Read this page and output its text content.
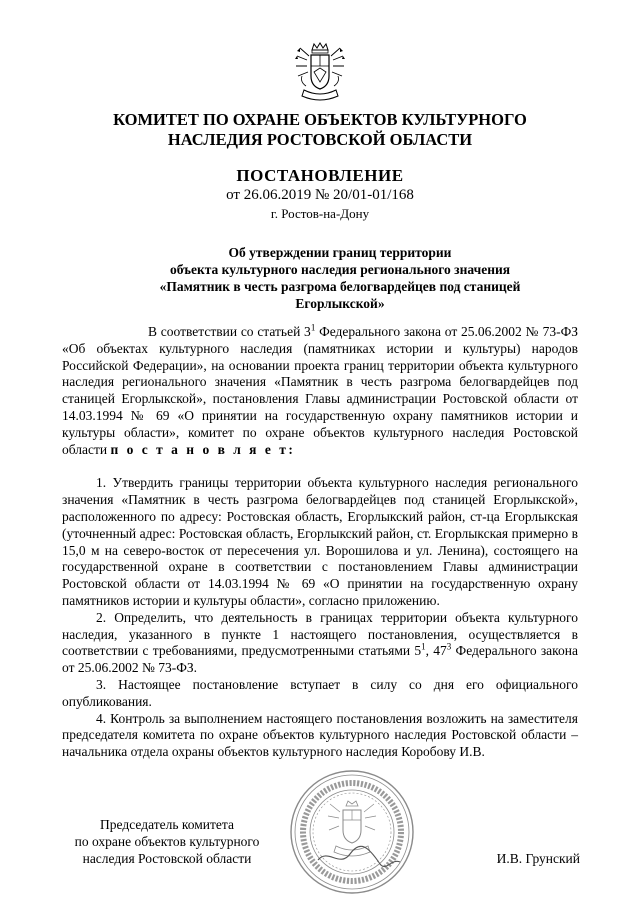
КОМИТЕТ ПО ОХРАНЕ ОБЪЕКТОВ КУЛЬТУРНОГО
НАСЛЕДИЯ РОСТОВСКОЙ ОБЛАСТИ
ПОСТАНОВЛЕНИЕ
от 26.06.2019 № 20/01-01/168
г. Ростов-на-Дону
Об утверждении границ территории
объекта культурного наследия регионального значения
«Памятник в честь разгрома белогвардейцев под станицей
Егорлыкской»

В соответствии со статьей $3^1$ Федерального закона от 25.06.2002 № 73-ФЗ «Об объектах культурного наследия (памятниках истории и культуры) народов Российской Федерации», на основании проекта границ территории объекта культурного наследия регионального значения «Памятник в честь разгрома белогвардейцев под станицей Егорлыкской», постановления Главы администрации Ростовской области от 14.03.1994 № 69 «О принятии на государственную охрану памятников истории и культуры области», комитет по охране объектов культурного наследия Ростовской области п о с т а н о в л я е т:

1. Утвердить границы территории объекта культурного наследия регионального значения «Памятник в честь разгрома белогвардейцев под станицей Егорлыкской», расположенного по адресу: Ростовская область, Егорлыкский район, ст-ца Егорлыкская (уточненный адрес: Ростовская область, Егорлыкский район, ст. Егорлыкская примерно в 15,0 м на северо-восток от пересечения ул. Ворошилова и ул. Ленина), состоящего на государственной охране в соответствии с постановлением Главы администрации Ростовской области от 14.03.1994 № 69 «О принятии на государственную охрану памятников истории и культуры области», согласно приложению.

2. Определить, что деятельность в границах территории объекта культурного наследия, указанного в пункте 1 настоящего постановления, осуществляется в соответствии с требованиями, предусмотренными статьями $5^1$, $47^3$ Федерального закона от 25.06.2002 № 73-ФЗ.

3. Настоящее постановление вступает в силу со дня его официального опубликования.

4. Контроль за выполнением настоящего постановления возложить на заместителя председателя комитета по охране объектов культурного наследия Ростовской области – начальника отдела охраны объектов культурного наследия Коробову И.В.

Председатель комитета
по охране объектов культурного
наследия Ростовской области	И.В. Грунский
